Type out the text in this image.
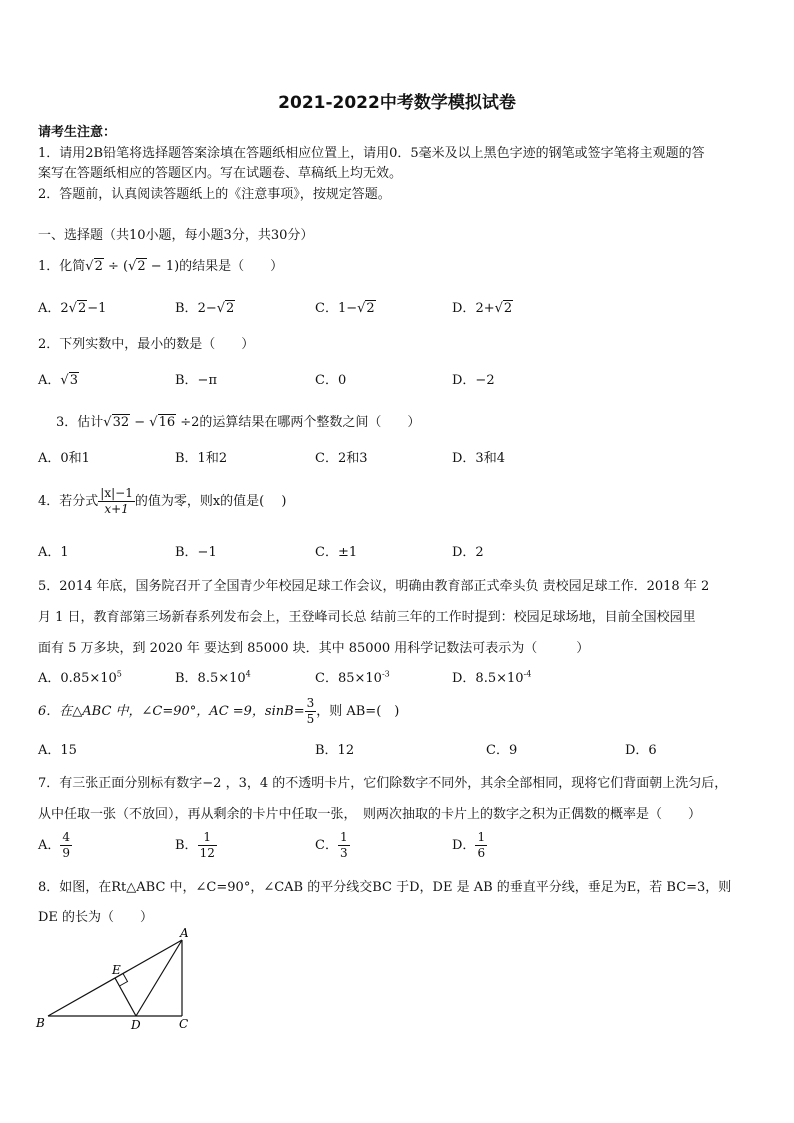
2021-2022中考数学模拟试卷
请考生注意：
1．请用2B铅笔将选择题答案涂填在答题纸相应位置上，请用0．5毫米及以上黑色字迹的钢笔或签字笔将主观题的答
案写在答题纸相应的答题区内。写在试题卷、草稿纸上均无效。
2．答题前，认真阅读答题纸上的《注意事项》，按规定答题。
一、选择题（共10小题，每小题3分，共30分）
1．化简√2 ÷ (√2 − 1)的结果是（　　）
A．2√2−1	B．2−√2	C．1−√2	D．2+√2
2．下列实数中，最小的数是（　　）
A．√3	B．−π	C．0	D．−2
3．估计√32 − √16 ÷2的运算结果在哪两个整数之间（　　）
A．0和1	B．1和2	C．2和3	D．3和4
4．若分式 $\frac{|x|-1}{x+1}$ 的值为零，则x的值是(　 )
A．1	B．−1	C．±1	D．2
5．2014 年底，国务院召开了全国青少年校园足球工作会议，明确由教育部正式牵头负 责校园足球工作．2018 年 2
月 1 日，教育部第三场新春系列发布会上，王登峰司长总 结前三年的工作时提到：校园足球场地，目前全国校园里
面有 5 万多块，到 2020 年 要达到 85000 块．其中 85000 用科学记数法可表示为（　　　）
A．$0.85\times 10^5$	B．$8.5\times 10^4$	C．$85\times 10^{-3}$	D．$8.5\times 10^{-4}$
6．在△ABC 中，∠C=90°，AC =9，$\sin B= \frac{3}{5}$ ，则 AB=(　)
A．15	B．12	C．9	D．6
7．有三张正面分别标有数字−2 ，3，4 的不透明卡片，它们除数字不同外，其余全部相同，现将它们背面朝上洗匀后，
从中任取一张（不放回），再从剩余的卡片中任取一张，　则两次抽取的卡片上的数字之积为正偶数的概率是（　　）
A． $\frac{4}{9}$	B． $\frac{1}{12}$	C． $\frac{1}{3}$	D． $\frac{1}{6}$
8．如图，在Rt△ABC 中，∠C=90°，∠CAB 的平分线交BC 于D，DE 是 AB 的垂直平分线，垂足为E，若 BC=3，则
DE 的长为（　　）
A
B	C
D
E
